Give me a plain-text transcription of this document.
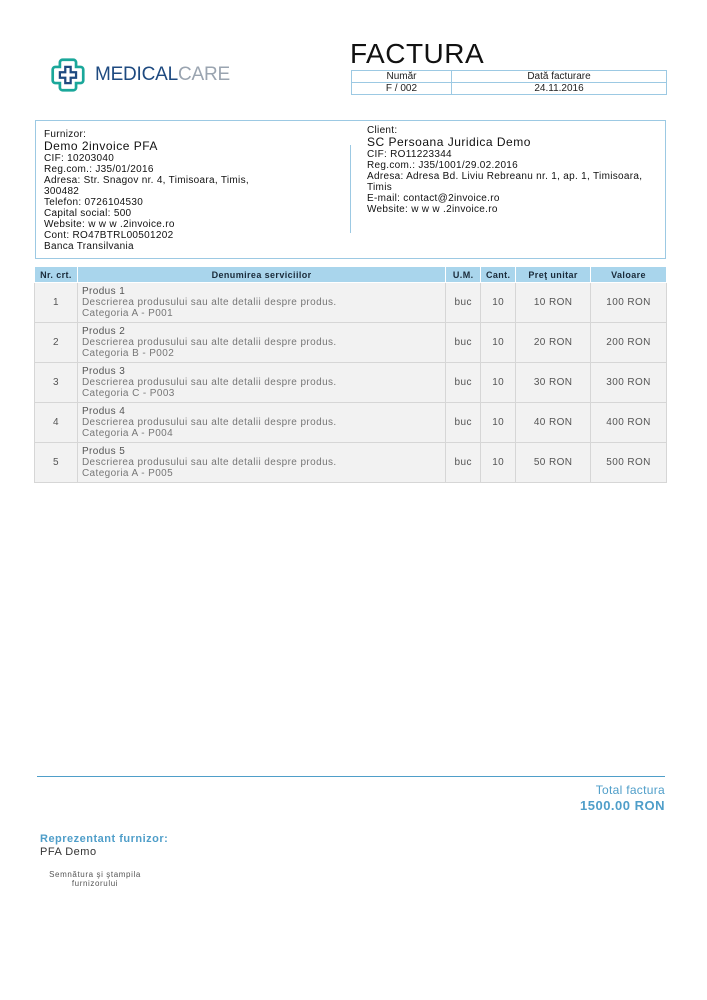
MEDICALCARE
FACTURA
Număr	Dată facturare
F / 002	24.11.2016
Furnizor:
Demo 2invoice PFA
CIF: 10203040
Reg.com.: J35/01/2016
Adresa: Str. Snagov nr. 4, Timisoara, Timis,
300482
Telefon: 0726104530
Capital social: 500
Website: w w w .2invoice.ro
Cont: RO47BTRL00501202
Banca Transilvania
Client:
SC Persoana Juridica Demo
CIF: RO11223344
Reg.com.: J35/1001/29.02.2016
Adresa: Adresa Bd. Liviu Rebreanu nr. 1, ap. 1, Timisoara,
Timis
E-mail: contact@2invoice.ro
Website: w w w .2invoice.ro
Nr. crt.	Denumirea serviciilor	U.M.	Cant.	Preţ unitar	Valoare
1	Produs 1
Descrierea produsului sau alte detalii despre produs.
Categoria A - P001	buc	10	10 RON	100 RON
2	Produs 2
Descrierea produsului sau alte detalii despre produs.
Categoria B - P002	buc	10	20 RON	200 RON
3	Produs 3
Descrierea produsului sau alte detalii despre produs.
Categoria C - P003	buc	10	30 RON	300 RON
4	Produs 4
Descrierea produsului sau alte detalii despre produs.
Categoria A - P004	buc	10	40 RON	400 RON
5	Produs 5
Descrierea produsului sau alte detalii despre produs.
Categoria A - P005	buc	10	50 RON	500 RON
Total factura
1500.00 RON
Reprezentant furnizor:
PFA Demo
Semnătura şi ştampila
furnizorului
